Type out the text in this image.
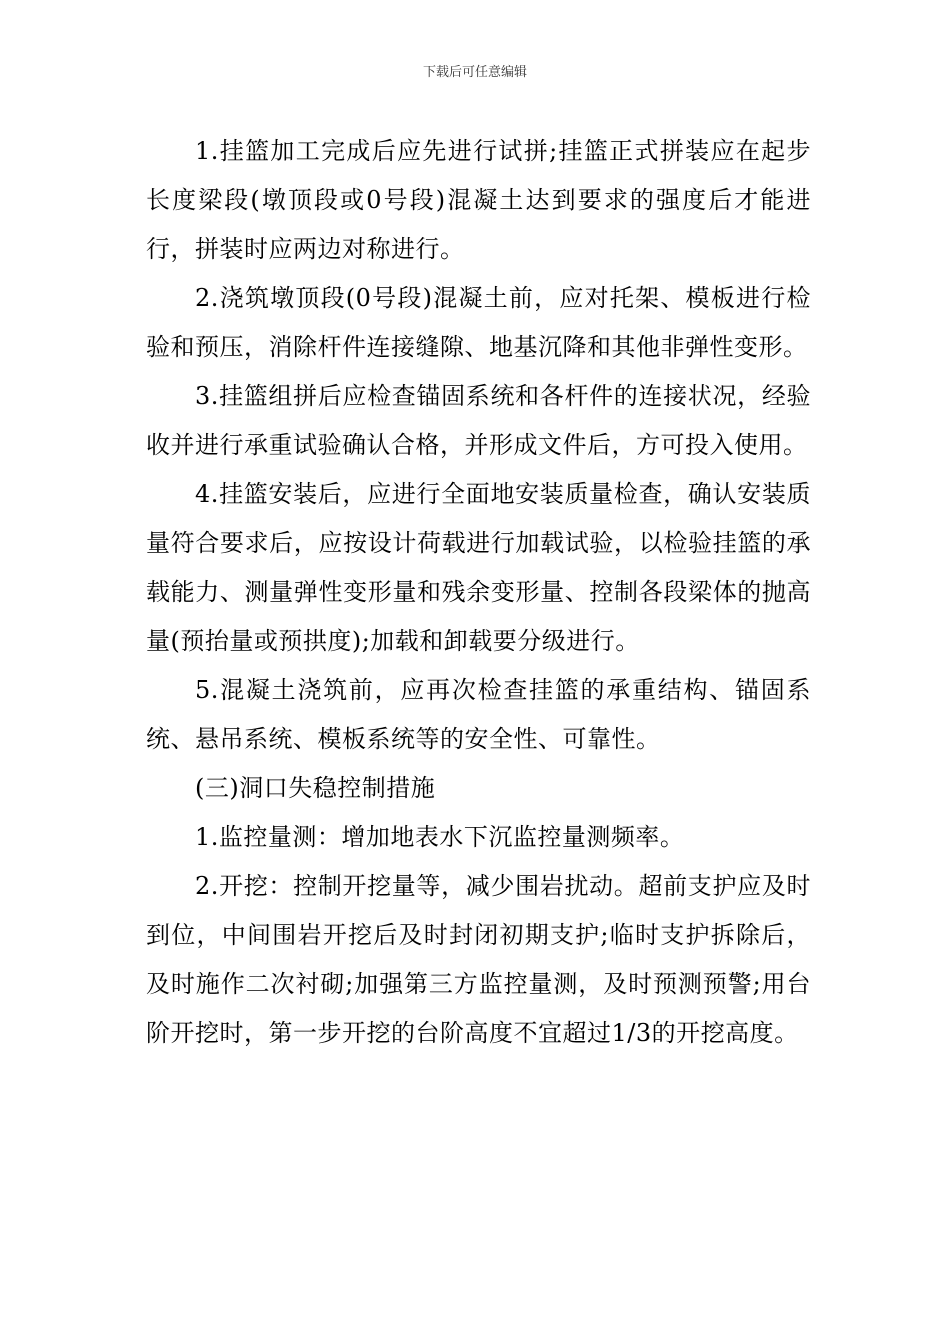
下载后可任意编辑

1.挂篮加工完成后应先进行试拼;挂篮正式拼装应在起步长度梁段(墩顶段或0号段)混凝土达到要求的强度后才能进行，拼装时应两边对称进行。

2.浇筑墩顶段(0号段)混凝土前，应对托架、模板进行检验和预压，消除杆件连接缝隙、地基沉降和其他非弹性变形。

3.挂篮组拼后应检查锚固系统和各杆件的连接状况，经验收并进行承重试验确认合格，并形成文件后，方可投入使用。

4.挂篮安装后，应进行全面地安装质量检查，确认安装质量符合要求后，应按设计荷载进行加载试验，以检验挂篮的承载能力、测量弹性变形量和残余变形量、控制各段梁体的抛高量(预抬量或预拱度);加载和卸载要分级进行。

5.混凝土浇筑前，应再次检查挂篮的承重结构、锚固系统、悬吊系统、模板系统等的安全性、可靠性。

(三)洞口失稳控制措施

1.监控量测：增加地表水下沉监控量测频率。

2.开挖：控制开挖量等，减少围岩扰动。超前支护应及时到位，中间围岩开挖后及时封闭初期支护;临时支护拆除后，及时施作二次衬砌;加强第三方监控量测，及时预测预警;用台阶开挖时，第一步开挖的台阶高度不宜超过1/3的开挖高度。
